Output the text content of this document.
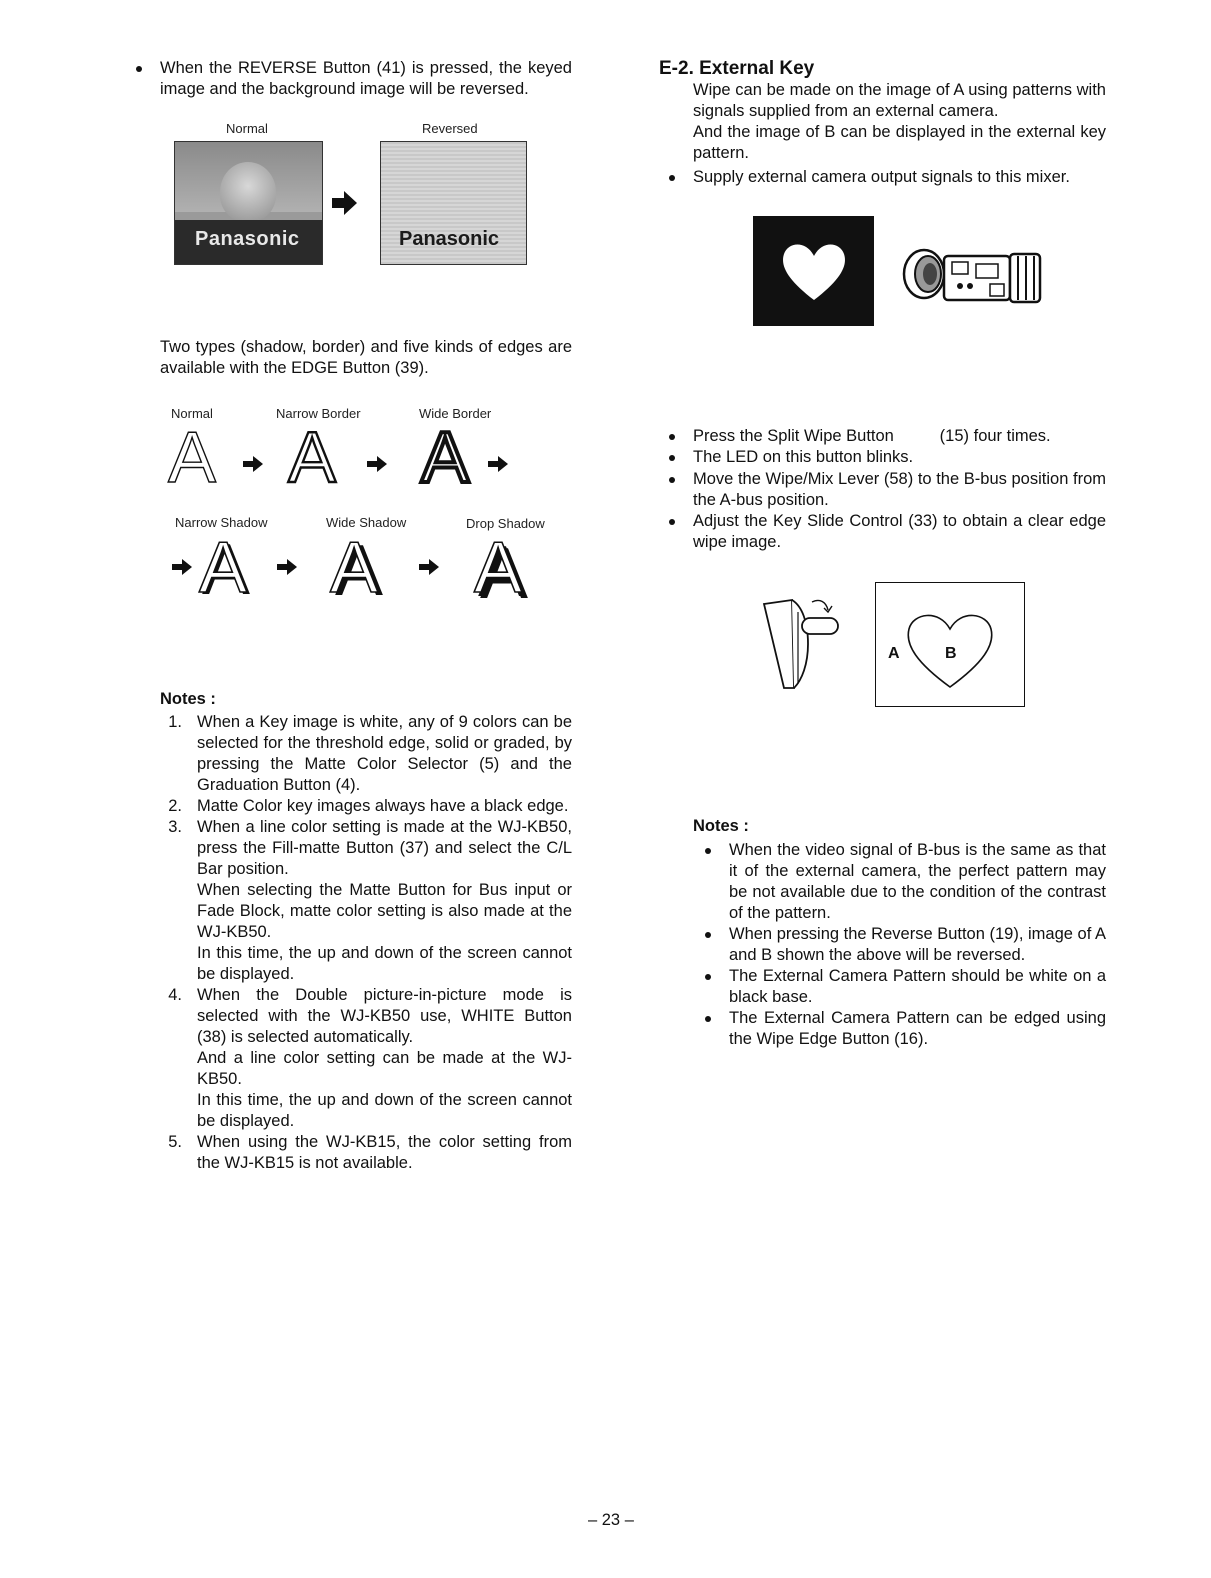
When the REVERSE Button (41) is pressed, the keyed image and the background image will be reversed.
Normal	Reversed
Panasonic	Panasonic
Two types (shadow, border) and five kinds of edges are available with the EDGE Button (39).
Normal	Narrow Border	Wide Border
Narrow Shadow	Wide Shadow	Drop Shadow
A A A
A A A
Notes :
1. When a Key image is white, any of 9 colors can be selected for the threshold edge, solid or graded, by pressing the Matte Color Selector (5) and the Graduation Button (4).
2. Matte Color key images always have a black edge.
3. When a line color setting is made at the WJ-KB50, press the Fill-matte Button (37) and select the C/L Bar position.
When selecting the Matte Button for Bus input or Fade Block, matte color setting is also made at the WJ-KB50.
In this time, the up and down of the screen cannot be displayed.
4. When the Double picture-in-picture mode is selected with the WJ-KB50 use, WHITE Button (38) is selected automatically.
And a line color setting can be made at the WJ-KB50.
In this time, the up and down of the screen cannot be displayed.
5. When using the WJ-KB15, the color setting from the WJ-KB15 is not available.
E-2. External Key
Wipe can be made on the image of A using patterns with signals supplied from an external camera.
And the image of B can be displayed in the external key pattern.
Supply external camera output signals to this mixer.
Press the Split Wipe Button          (15) four times.
The LED on this button blinks.
Move the Wipe/Mix Lever (58) to the B-bus position from the A-bus position.
Adjust the Key Slide Control (33) to obtain a clear edge wipe image.
A	B
Notes :
When the video signal of B-bus is the same as that it of the external camera, the perfect pattern may be not available due to the condition of the contrast of the pattern.
When pressing the Reverse Button (19), image of A and B shown the above will be reversed.
The External Camera Pattern should be white on a black base.
The External Camera Pattern can be edged using the Wipe Edge Button (16).
– 23 –
